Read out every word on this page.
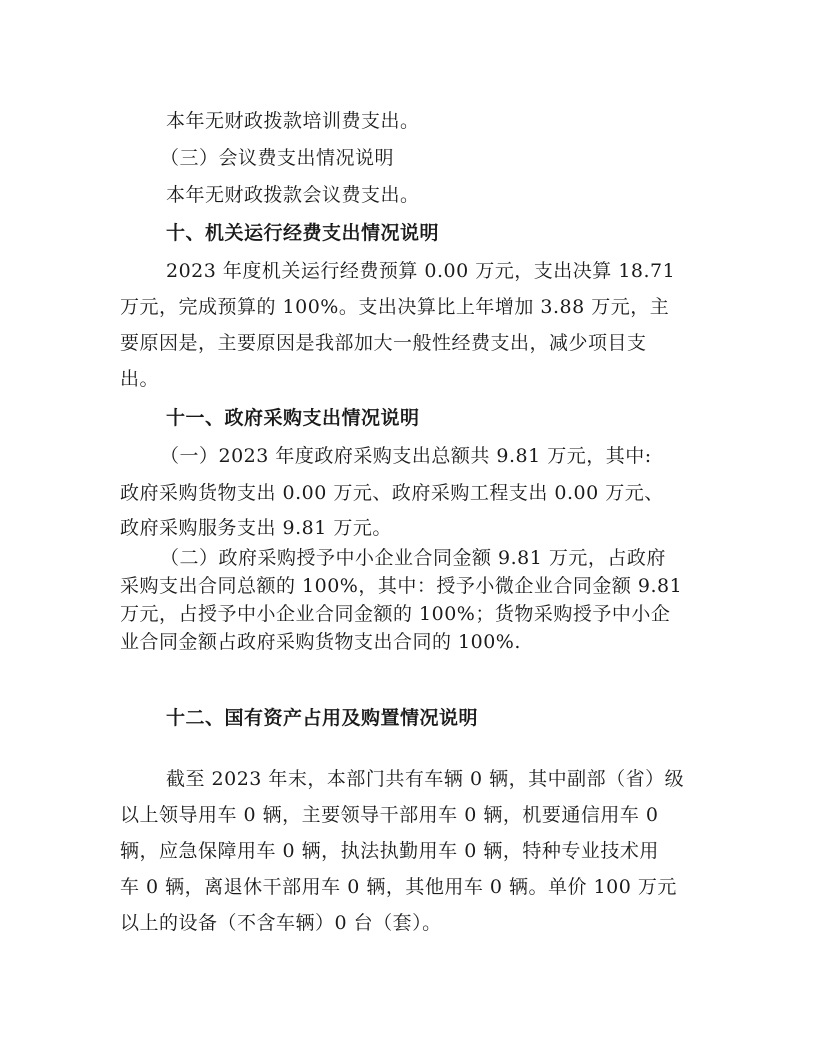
本年无财政拨款培训费支出。

（三）会议费支出情况说明

本年无财政拨款会议费支出。

十、机关运行经费支出情况说明

2023 年度机关运行经费预算 0.00 万元，支出决算 18.71

万元，完成预算的 100%。支出决算比上年增加 3.88 万元，主

要原因是，主要原因是我部加大一般性经费支出，减少项目支

出。

十一、政府采购支出情况说明

（一）2023 年度政府采购支出总额共 9.81 万元，其中:

政府采购货物支出 0.00 万元、政府采购工程支出 0.00 万元、

政府采购服务支出 9.81 万元。

（二）政府采购授予中小企业合同金额 9.81 万元，占政府

采购支出合同总额的 100%，其中：授予小微企业合同金额 9.81

万元，占授予中小企业合同金额的 100%；货物采购授予中小企

业合同金额占政府采购货物支出合同的 100%.

十二、国有资产占用及购置情况说明

截至 2023 年末，本部门共有车辆 0 辆，其中副部（省）级

以上领导用车 0 辆，主要领导干部用车 0 辆，机要通信用车 0

辆，应急保障用车 0 辆，执法执勤用车 0 辆，特种专业技术用

车 0 辆，离退休干部用车 0 辆，其他用车 0 辆。单价 100 万元

以上的设备（不含车辆）0 台（套）。
